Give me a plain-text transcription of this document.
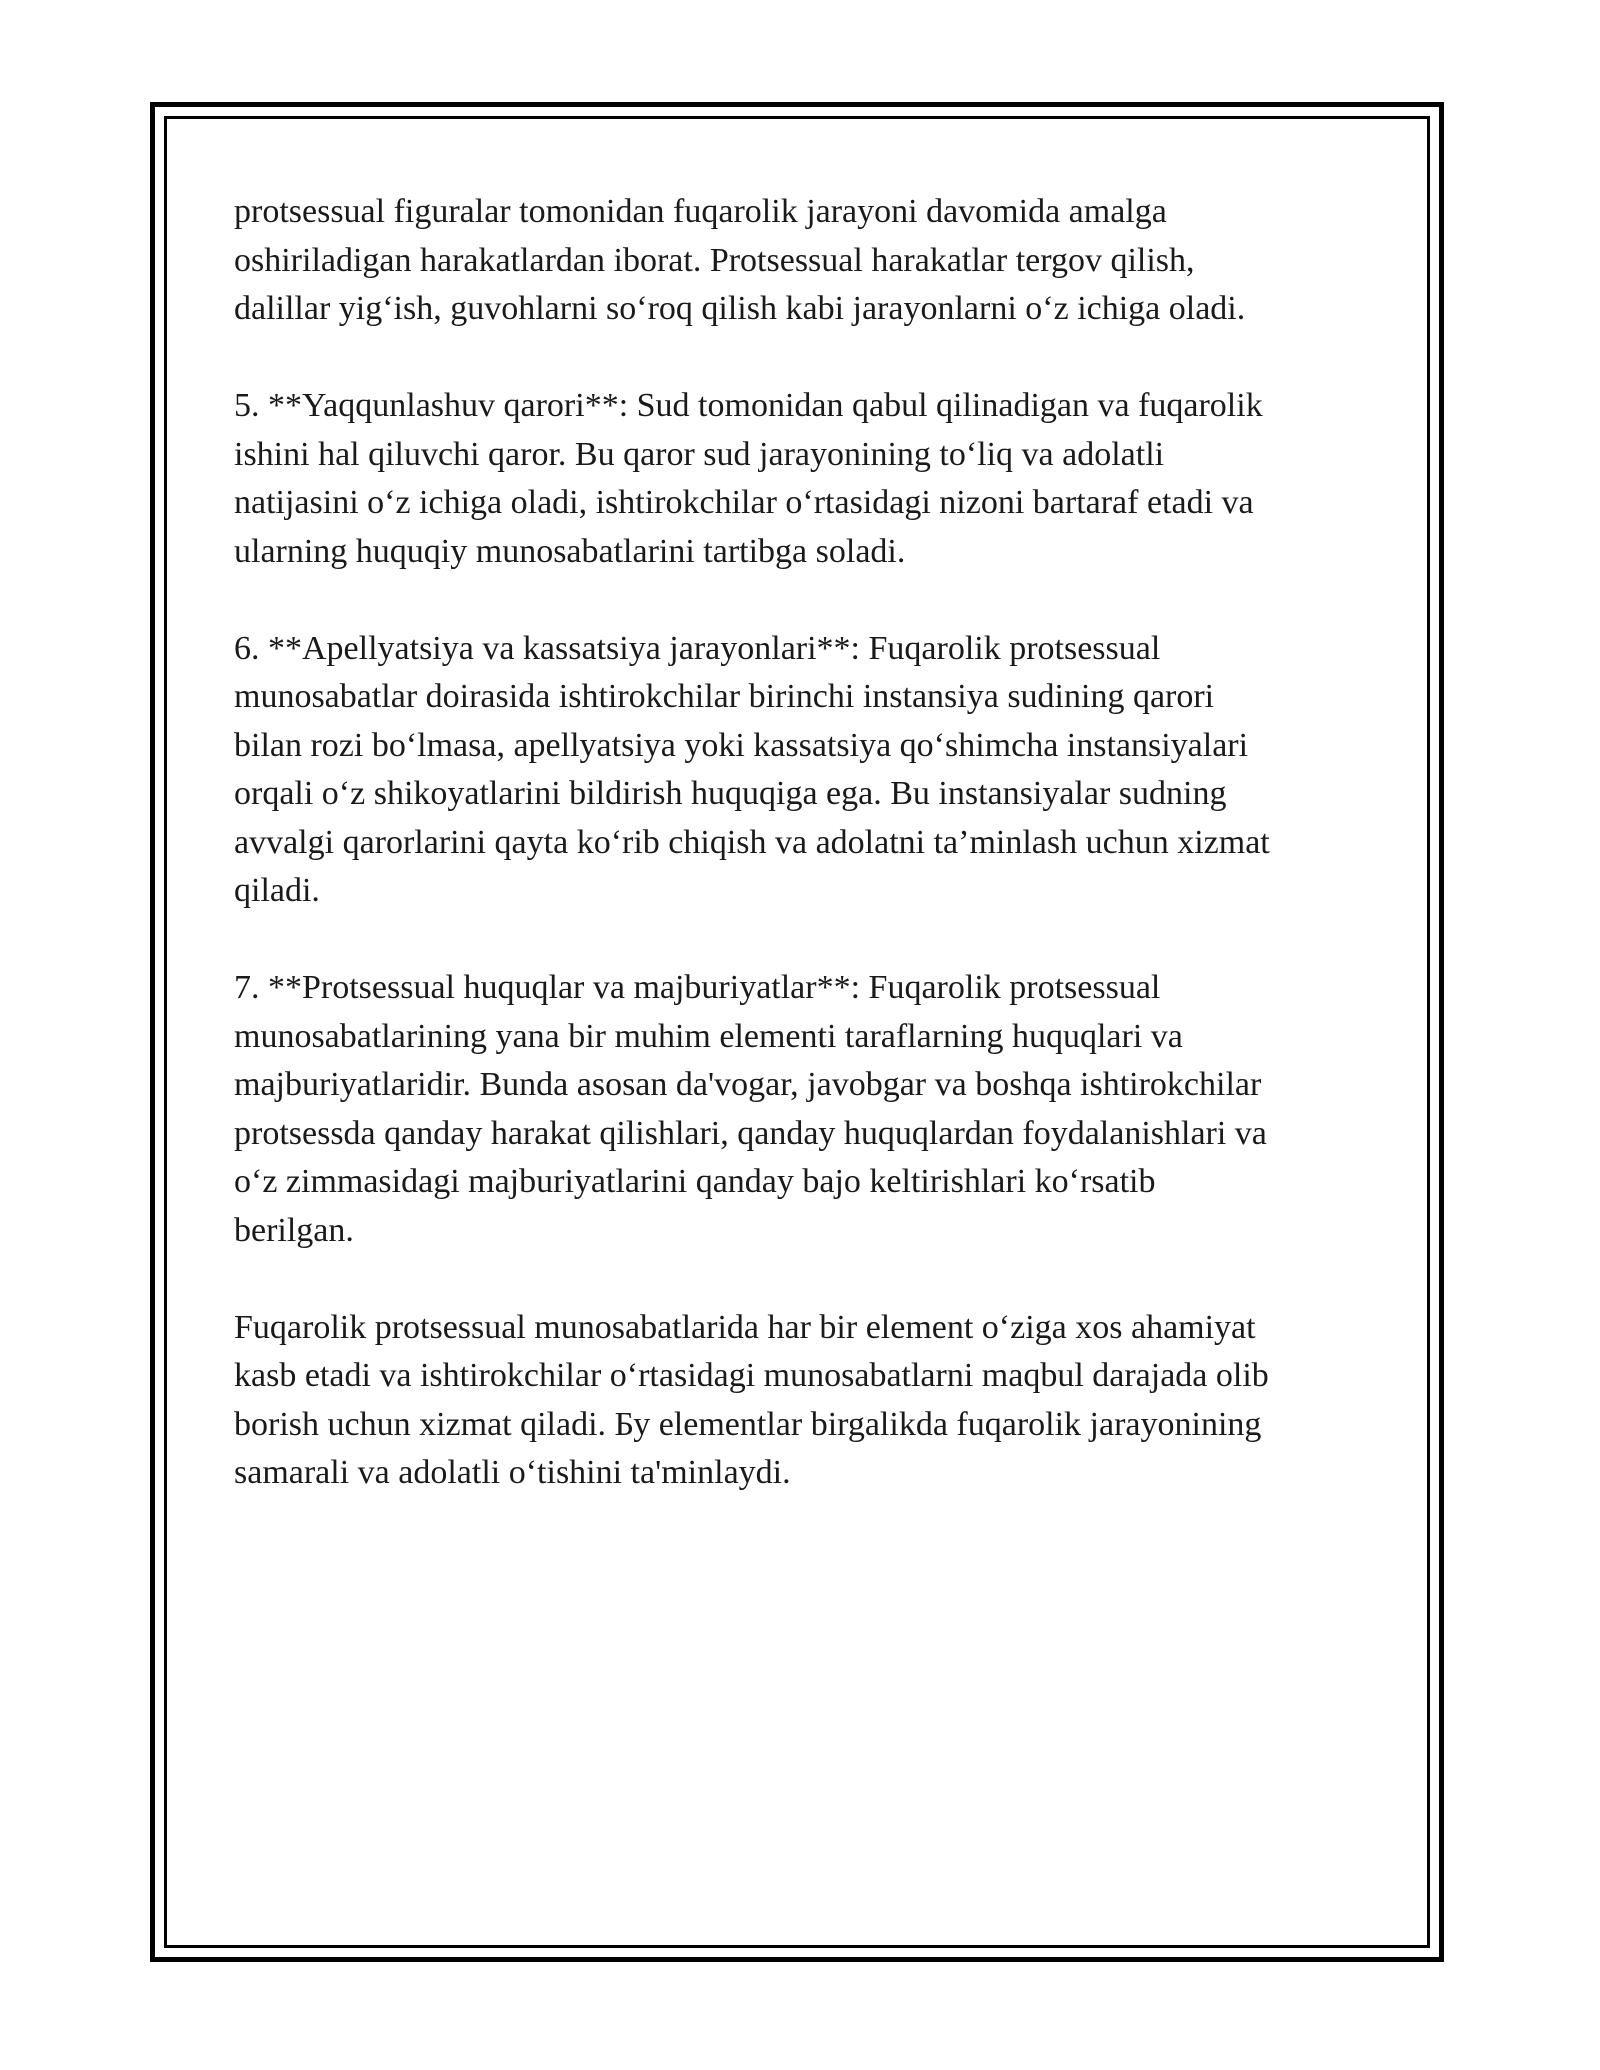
protsessual figuralar tomonidan fuqarolik jarayoni davomida amalga
oshiriladigan harakatlardan iborat. Protsessual harakatlar tergov qilish,
dalillar yig‘ish, guvohlarni so‘roq qilish kabi jarayonlarni o‘z ichiga oladi.

5. **Yaqqunlashuv qarori**: Sud tomonidan qabul qilinadigan va fuqarolik
ishini hal qiluvchi qaror. Bu qaror sud jarayonining to‘liq va adolatli
natijasini o‘z ichiga oladi, ishtirokchilar o‘rtasidagi nizoni bartaraf etadi va
ularning huquqiy munosabatlarini tartibga soladi.

6. **Apellyatsiya va kassatsiya jarayonlari**: Fuqarolik protsessual
munosabatlar doirasida ishtirokchilar birinchi instansiya sudining qarori
bilan rozi bo‘lmasa, apellyatsiya yoki kassatsiya qo‘shimcha instansiyalari
orqali o‘z shikoyatlarini bildirish huquqiga ega. Bu instansiyalar sudning
avvalgi qarorlarini qayta ko‘rib chiqish va adolatni ta’minlash uchun xizmat
qiladi.

7. **Protsessual huquqlar va majburiyatlar**: Fuqarolik protsessual
munosabatlarining yana bir muhim elementi taraflarning huquqlari va
majburiyatlaridir. Bunda asosan da'vogar, javobgar va boshqa ishtirokchilar
protsessda qanday harakat qilishlari, qanday huquqlardan foydalanishlari va
o‘z zimmasidagi majburiyatlarini qanday bajo keltirishlari ko‘rsatib
berilgan.

Fuqarolik protsessual munosabatlarida har bir element o‘ziga xos ahamiyat
kasb etadi va ishtirokchilar o‘rtasidagi munosabatlarni maqbul darajada olib
borish uchun xizmat qiladi. Бу elementlar birgalikda fuqarolik jarayonining
samarali va adolatli o‘tishini ta'minlaydi.
